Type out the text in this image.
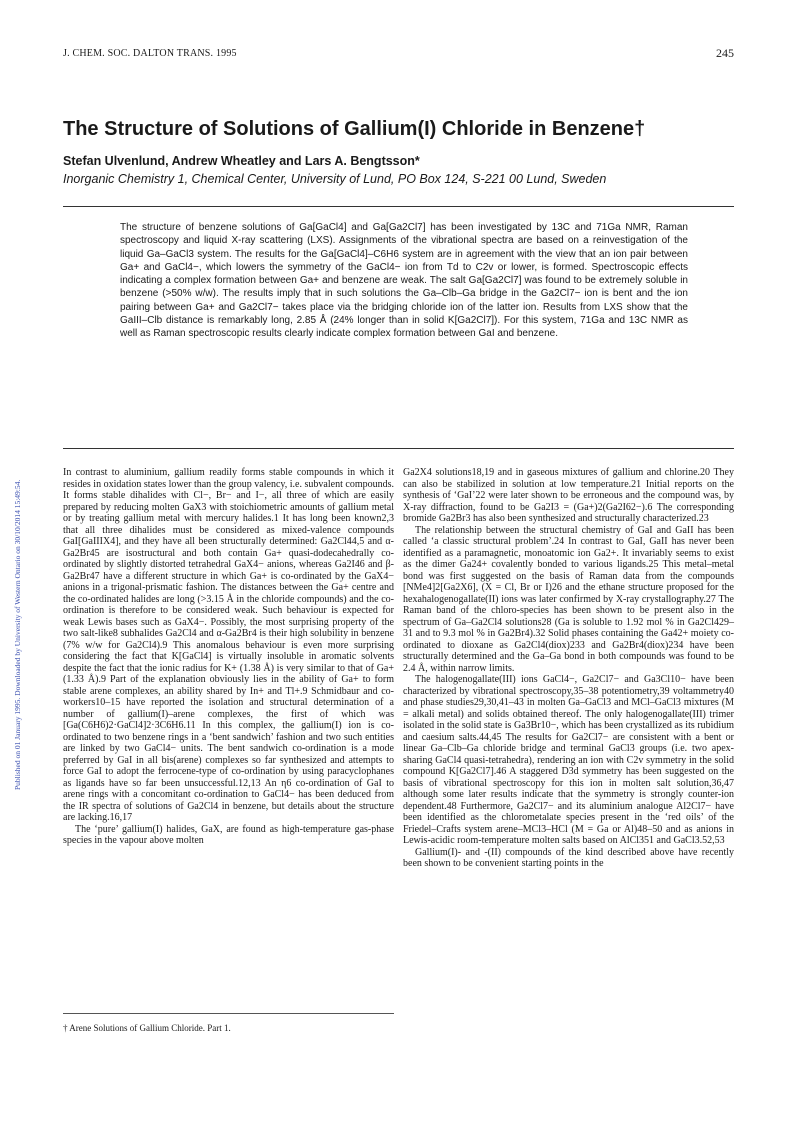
J. CHEM. SOC. DALTON TRANS. 1995	245
Published on 01 January 1995. Downloaded by University of Western Ontario on 30/10/2014 15:49:54.
The Structure of Solutions of Gallium(I) Chloride in Benzene†
Stefan Ulvenlund, Andrew Wheatley and Lars A. Bengtsson*
Inorganic Chemistry 1, Chemical Center, University of Lund, PO Box 124, S-221 00 Lund, Sweden
The structure of benzene solutions of Ga[GaCl4] and Ga[Ga2Cl7] has been investigated by 13C and 71Ga NMR, Raman spectroscopy and liquid X-ray scattering (LXS). Assignments of the vibrational spectra are based on a reinvestigation of the liquid Ga–GaCl3 system. The results for the Ga[GaCl4]–C6H6 system are in agreement with the view that an ion pair between Ga+ and GaCl4−, which lowers the symmetry of the GaCl4− ion from Td to C2v or lower, is formed. Spectroscopic effects indicating a complex formation between Ga+ and benzene are weak. The salt Ga[Ga2Cl7] was found to be extremely soluble in benzene (>50% w/w). The results imply that in such solutions the Ga–Clb–Ga bridge in the Ga2Cl7− ion is bent and the ion pairing between Ga+ and Ga2Cl7− takes place via the bridging chloride ion of the latter ion. Results from LXS show that the GaIII–Clb distance is remarkably long, 2.85 Å (24% longer than in solid K[Ga2Cl7]). For this system, 71Ga and 13C NMR as well as Raman spectroscopic results clearly indicate complex formation between GaI and benzene.

In contrast to aluminium, gallium readily forms stable compounds in which it resides in oxidation states lower than the group valency, i.e. subvalent compounds. It forms stable dihalides with Cl−, Br− and I−, all three of which are easily prepared by reducing molten GaX3 with stoichiometric amounts of gallium metal or by treating gallium metal with mercury halides.1 It has long been known2,3 that all three dihalides must be considered as mixed-valence compounds GaI[GaIIIX4], and they have all been structurally determined: Ga2Cl44,5 and α-Ga2Br45 are isostructural and both contain Ga+ quasi-dodecahedrally co-ordinated by slightly distorted tetrahedral GaX4− anions, whereas Ga2I46 and β-Ga2Br47 have a different structure in which Ga+ is co-ordinated by the GaX4− anions in a trigonal-prismatic fashion. The distances between the Ga+ centre and the co-ordinated halides are long (>3.15 Å in the chloride compounds) and the co-ordination is therefore to be considered weak. Such behaviour is expected for weak Lewis bases such as GaX4−. Possibly, the most surprising property of the two salt-like8 subhalides Ga2Cl4 and α-Ga2Br4 is their high solubility in benzene (7% w/w for Ga2Cl4).9 This anomalous behaviour is even more surprising considering the fact that K[GaCl4] is virtually insoluble in aromatic solvents despite the fact that the ionic radius for K+ (1.38 Å) is very similar to that of Ga+ (1.33 Å).9 Part of the explanation obviously lies in the ability of Ga+ to form stable arene complexes, an ability shared by In+ and Tl+.9 Schmidbaur and co-workers10–15 have reported the isolation and structural determination of a number of gallium(I)–arene complexes, the first of which was [Ga(C6H6)2·GaCl4]2·3C6H6.11 In this complex, the gallium(I) ion is co-ordinated to two benzene rings in a ‘bent sandwich’ fashion and two such entities are linked by two GaCl4− units. The bent sandwich co-ordination is a mode preferred by GaI in all bis(arene) complexes so far synthesized and attempts to force GaI to adopt the ferrocene-type of co-ordination by using paracyclophanes as ligands have so far been unsuccessful.12,13 An η6 co-ordination of GaI to arene rings with a concomitant co-ordination to GaCl4− has been deduced from the IR spectra of solutions of Ga2Cl4 in benzene, but details about the structure are lacking.16,17

The ‘pure’ gallium(I) halides, GaX, are found as high-temperature gas-phase species in the vapour above molten

Ga2X4 solutions18,19 and in gaseous mixtures of gallium and chlorine.20 They can also be stabilized in solution at low temperature.21 Initial reports on the synthesis of ‘GaI’22 were later shown to be erroneous and the compound was, by X-ray diffraction, found to be Ga2I3 = (Ga+)2(Ga2I62−).6 The corresponding bromide Ga2Br3 has also been synthesized and structurally characterized.23

The relationship between the structural chemistry of GaI and GaII has been called ‘a classic structural problem’.24 In contrast to GaI, GaII has never been identified as a paramagnetic, monoatomic ion Ga2+. It invariably seems to exist as the dimer Ga24+ covalently bonded to various ligands.25 This metal–metal bond was first suggested on the basis of Raman data from the compounds [NMe4]2[Ga2X6], (X = Cl, Br or I)26 and the ethane structure proposed for the hexahalogenogallate(II) ions was later confirmed by X-ray crystallography.27 The Raman band of the chloro-species has been shown to be present also in the spectrum of Ga–Ga2Cl4 solutions28 (Ga is soluble to 1.92 mol % in Ga2Cl429–31 and to 9.3 mol % in Ga2Br4).32 Solid phases containing the Ga42+ moiety co-ordinated to dioxane as Ga2Cl4(diox)233 and Ga2Br4(diox)234 have been structurally determined and the Ga–Ga bond in both compounds was found to be 2.4 Å, within narrow limits.

The halogenogallate(III) ions GaCl4−, Ga2Cl7− and Ga3Cl10− have been characterized by vibrational spectroscopy,35–38 potentiometry,39 voltammetry40 and phase studies29,30,41–43 in molten Ga–GaCl3 and MCl–GaCl3 mixtures (M = alkali metal) and solids obtained thereof. The only halogenogallate(III) trimer isolated in the solid state is Ga3Br10−, which has been crystallized as its rubidium and caesium salts.44,45 The results for Ga2Cl7− are consistent with a bent or linear Ga–Clb–Ga chloride bridge and terminal GaCl3 groups (i.e. two apex-sharing GaCl4 quasi-tetrahedra), rendering an ion with C2v symmetry in the solid compound K[Ga2Cl7].46 A staggered D3d symmetry has been suggested on the basis of vibrational spectroscopy for this ion in molten salt solution,36,47 although some later results indicate that the symmetry is strongly counter-ion dependent.48 Furthermore, Ga2Cl7− and its aluminium analogue Al2Cl7− have been identified as the chlorometalate species present in the ‘red oils’ of the Friedel–Crafts system arene–MCl3–HCl (M = Ga or Al)48–50 and as anions in Lewis-acidic room-temperature molten salts based on AlCl351 and GaCl3.52,53

Gallium(I)- and -(II) compounds of the kind described above have recently been shown to be convenient starting points in the

† Arene Solutions of Gallium Chloride. Part 1.
